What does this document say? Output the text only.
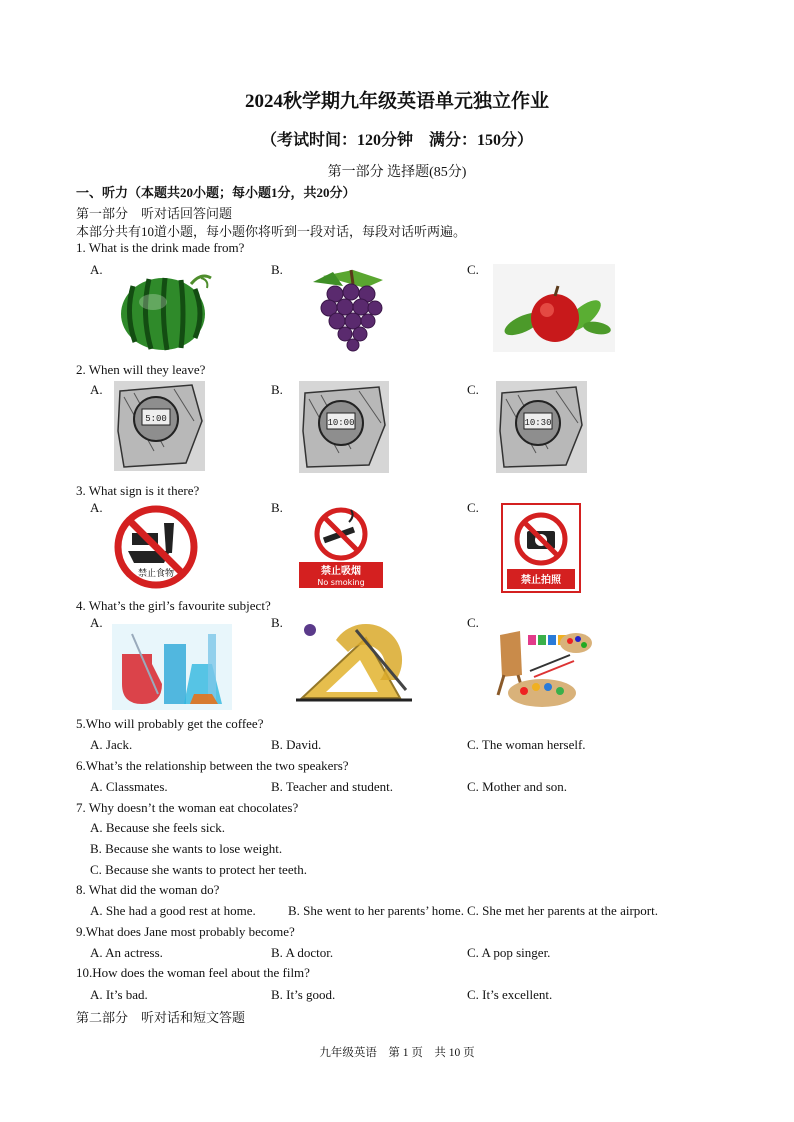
2024秋学期九年级英语单元独立作业
（考试时间：120分钟　满分：150分）
第一部分 选择题(85分)
一、听力（本题共20小题；每小题1分，共20分）
第一部分　听对话回答问题
本部分共有10道小题，每小题你将听到一段对话，每段对话听两遍。
1. What is the drink made from?
A.	B.	C.
2. When will they leave?
A.	B.	C.
5:00	10:00	10:30
3. What sign is it there?
A.	B.	C.
禁止食物	禁止吸烟
No smoking	禁止拍照
4. What’s the girl’s favourite subject?
A.	B.	C.
5.Who will probably get the coffee?
A. Jack.	B. David.	C. The woman herself.
6.What’s the relationship between the two speakers?
A. Classmates.	B. Teacher and student.	C. Mother and son.
7. Why doesn’t the woman eat chocolates?
A. Because she feels sick.
B. Because she wants to lose weight.
C. Because she wants to protect her teeth.
8. What did the woman do?
A. She had a good rest at home. B. She went to her parents’ home. C. She met her parents at the airport.
9.What does Jane most probably become?
A. An actress.	B. A doctor.	C. A pop singer.
10.How does the woman feel about the film?
A. It’s bad.	B. It’s good.	C. It’s excellent.
第二部分　听对话和短文答题
九年级英语　第 1 页　共 10 页
